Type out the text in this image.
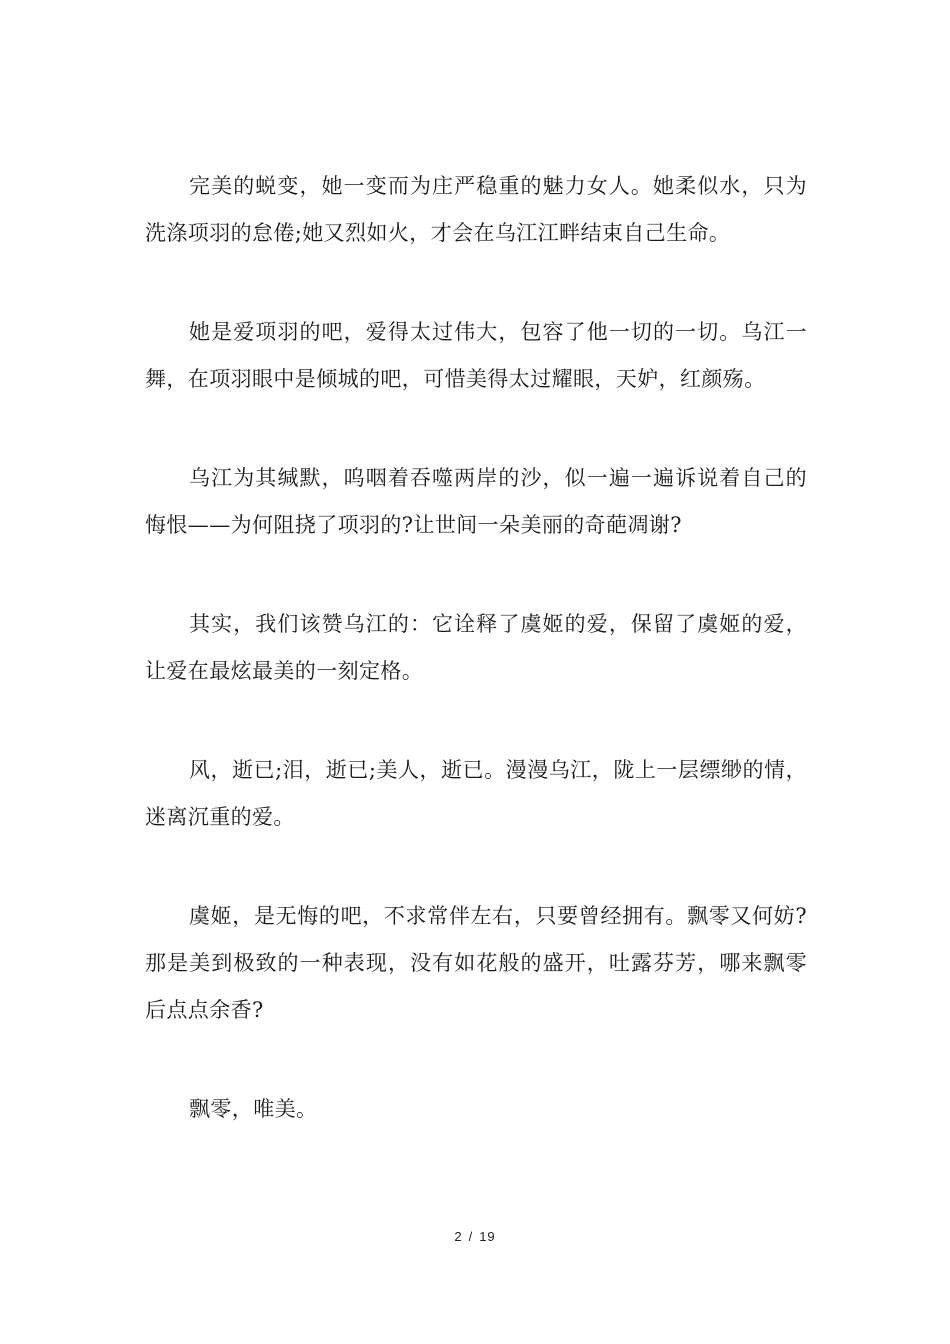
完美的蜕变，她一变而为庄严稳重的魅力女人。她柔似水，只为洗涤项羽的怠倦;她又烈如火，才会在乌江江畔结束自己生命。

她是爱项羽的吧，爱得太过伟大，包容了他一切的一切。乌江一舞，在项羽眼中是倾城的吧，可惜美得太过耀眼，天妒，红颜殇。

乌江为其缄默，呜咽着吞噬两岸的沙，似一遍一遍诉说着自己的悔恨——为何阻挠了项羽的?让世间一朵美丽的奇葩凋谢?

其实，我们该赞乌江的：它诠释了虞姬的爱，保留了虞姬的爱，让爱在最炫最美的一刻定格。

风，逝已;泪，逝已;美人，逝已。漫漫乌江，陇上一层缥缈的情，迷离沉重的爱。

虞姬，是无悔的吧，不求常伴左右，只要曾经拥有。飘零又何妨?那是美到极致的一种表现，没有如花般的盛开，吐露芬芳，哪来飘零后点点余香?

飘零，唯美。

2 / 19
